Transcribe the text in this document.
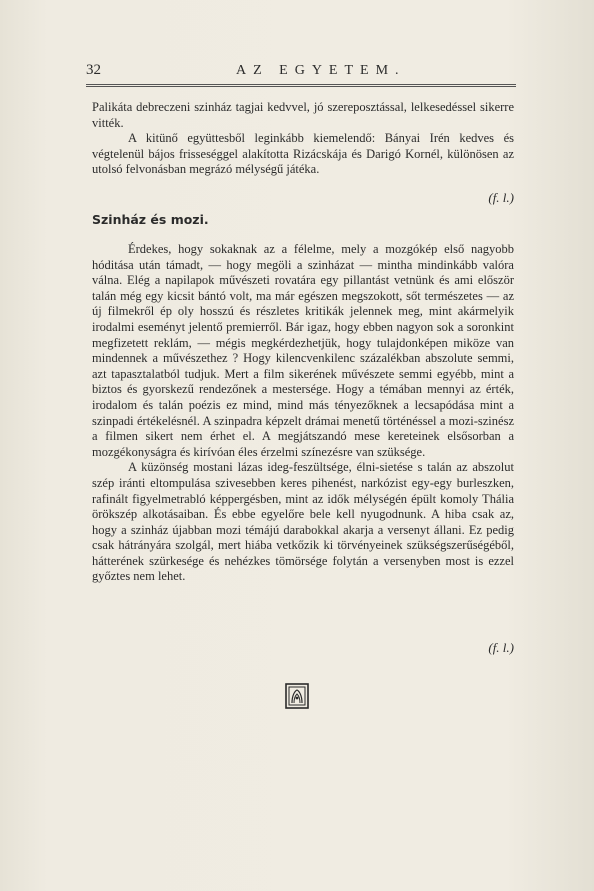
32	AZ EGYETEM.

Palikáta debreczeni szinház tagjai kedvvel, jó szereposztással, lelkesedéssel sikerre vitték.

A kitünő együttesből leginkább kiemelendő: Bányai Irén kedves és végtelenül bájos frisseséggel alakította Rizácskája és Darigó Kornél, különösen az utolsó felvonásban megrázó mélységű játéka.

(f. l.)
Szinház és mozi.

Érdekes, hogy sokaknak az a félelme, mely a mozgókép első nagyobb hóditása után támadt, — hogy megöli a szinházat — mintha mindinkább valóra válna. Elég a napilapok művészeti rovatára egy pillantást vetnünk és ami először talán még egy kicsit bántó volt, ma már egészen megszokott, sőt természetes — az új filmekről ép oly hosszú és részletes kritikák jelennek meg, mint akármelyik irodalmi eseményt jelentő premierről. Bár igaz, hogy ebben nagyon sok a soronkint megfizetett reklám, — mégis megkérdezhetjük, hogy tulajdonképen miköze van mindennek a művészethez ? Hogy kilencvenkilenc százalékban abszolute semmi, azt tapasztalatból tudjuk. Mert a film sikerének művészete semmi egyébb, mint a biztos és gyorskezű rendezőnek a mestersége. Hogy a témában mennyi az érték, irodalom és talán poézis ez mind, mind más tényezőknek a lecsapódása mint a szinpadi értékelésnél. A szinpadra képzelt drámai menetű történéssel a mozi-szinész a filmen sikert nem érhet el. A megjátszandó mese kereteinek elsősorban a mozgékonyságra és kirívóan éles érzelmi színezésre van szüksége.

A küzönség mostani lázas ideg-feszültsége, élni-sietése s talán az abszolut szép iránti eltompulása szivesebben keres pihenést, narkózist egy-egy burleszken, rafinált figyelmetrabló képpergésben, mint az idők mélységén épült komoly Thália örökszép alkotásaiban. És ebbe egyelőre bele kell nyugodnunk. A hiba csak az, hogy a szinház újabban mozi témájú darabokkal akarja a versenyt állani. Ez pedig csak hátrányára szolgál, mert hiába vetkőzik ki törvényeinek szükségszerűségéből, hátterének szürkesége és nehézkes tömörsége folytán a versenyben most is ezzel győztes nem lehet.

(f. l.)
